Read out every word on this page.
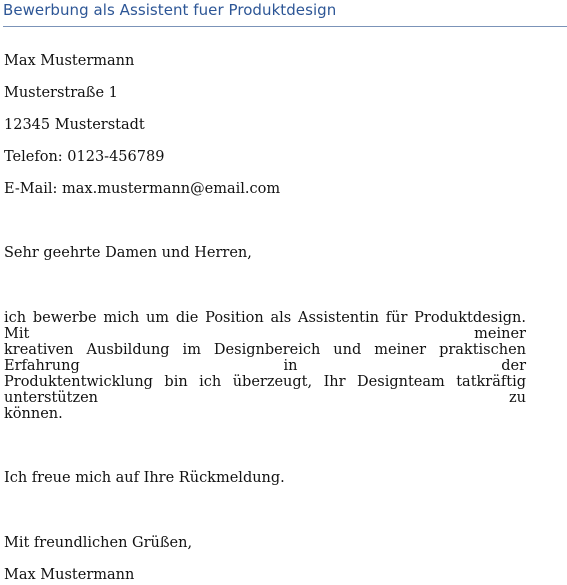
Bewerbung als Assistent fuer Produktdesign
Max Mustermann
Musterstraße 1
12345 Musterstadt
Telefon: 0123-456789
E-Mail: max.mustermann@email.com
Sehr geehrte Damen und Herren,
ich bewerbe mich um die Position als Assistentin für Produktdesign. Mit meiner
kreativen Ausbildung im Designbereich und meiner praktischen Erfahrung in der
Produktentwicklung bin ich überzeugt, Ihr Designteam tatkräftig unterstützen zu
können.
Ich freue mich auf Ihre Rückmeldung.
Mit freundlichen Grüßen,
Max Mustermann
